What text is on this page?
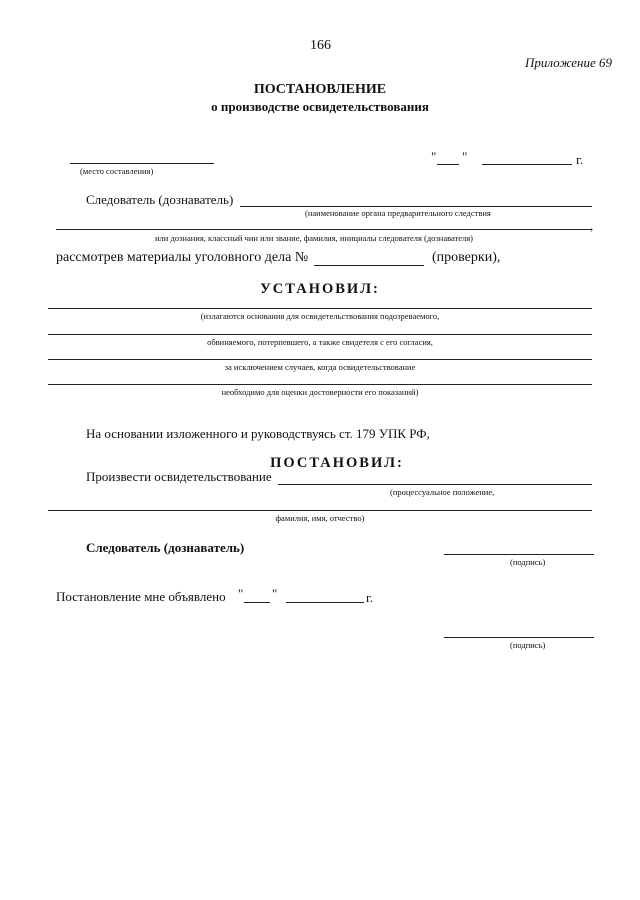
166
Приложение 69
ПОСТАНОВЛЕНИЕ
о производстве освидетельствования
(место составления)
" "	г.
Следователь (дознаватель)
(наименование органа предварительного следствия
,
или дознания, классный чин или звание, фамилия, инициалы следователя (дознавателя)
рассмотрев материалы уголовного дела №	(проверки),
УСТАНОВИЛ:
(излагаются основания для освидетельствования подозреваемого,
обвиняемого, потерпевшего, а также свидетеля с его согласия,
за исключением случаев, когда освидетельствование
необходимо для оценки достоверности его показаний)
На основании изложенного и руководствуясь ст. 179 УПК РФ,
ПОСТАНОВИЛ:
Произвести освидетельствование
(процессуальное положение,
фамилия, имя, отчество)
Следователь (дознаватель)
(подпись)
Постановление мне объявлено " "	г.
(подпись)
